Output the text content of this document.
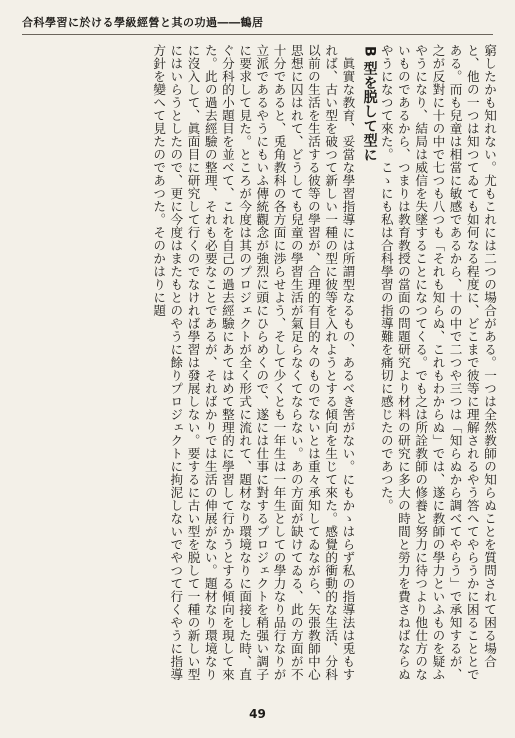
合科學習に於ける學級經營と其の功過――鶴居

窮したかも知れない。尤もこれには二つの場合がある。一つは全然教師の知らぬことを質問されて困る場合と、他の一つは知つてゐても如何なる程度に、どこまで彼等に理解されるやう答へてやらうかに困ることとである。而も兒童は相當に敏感であるから、十の中で二つや三つは「知らぬから調べてやらう」で承知するが、之が反對に十の中で七つも八つも「それも知らぬ、これもわからぬ」では、遂に教師の學力といふものを疑ふやうになり、結局は威信を失墜することになつてくる。でも之は所詮教師の修養と努力に待つより他仕方のないものであるから、つまりは教育教授の當面の問題研究より材料の研究に多大の時間と勞力を費さねばならぬやうになつて來た。こゝにも私は合科學習の指導難を痛切に感じたのであつた。

B型を脱して型に

眞實な教育、妥當な學習指導には所謂型なるもの、あるべき筈がない。にもかゝはらず私の指導法は兎もすれば、古い型を破つて新しい一種の型に彼等を入れようとする傾向を生じて來た。感覺的衝動的な生活、分科以前の生活を生活する彼等の學習が、合理的有目的々のものでないとは重々承知してゐながら、矢張教師中心思想に囚はれて、どうしても兒童の學習生活が氣足らなくてならない。あの方面が缺けてゐる、此の方面が不十分であると、兎角教科の各方面に渉らせよう、そして少くとも一年生は一年生としての學力なり品行なりが立派であるやうにもいふ傳統觀念が強烈に頭にひらめくので、遂には仕事に對するプロジェクトを稍强い調子に要求して見た。ところが今度は其のプロジェクトが全く形式に流れて、題材なり環境なりに面接した時、直ぐ分科的小題目を並べて、これを自己の過去經驗にあてはめて整理的に學習して行かうとする傾向を現して來た。此の過去經驗の整理、それも必要なことであるが、そればかりでは生活の伸展がない。題材なり環境なりに沒入して、眞面目に研究して行くのでなければ學習は發展しない。要するに古い型を脱して一種の新しい型にはいらうとしたので、更に今度はまたもとのやうに餘りプロジェクトに拘泥しないでやつて行くやうに指導方針を變へて見たのであつた。そのかはりに題

49
